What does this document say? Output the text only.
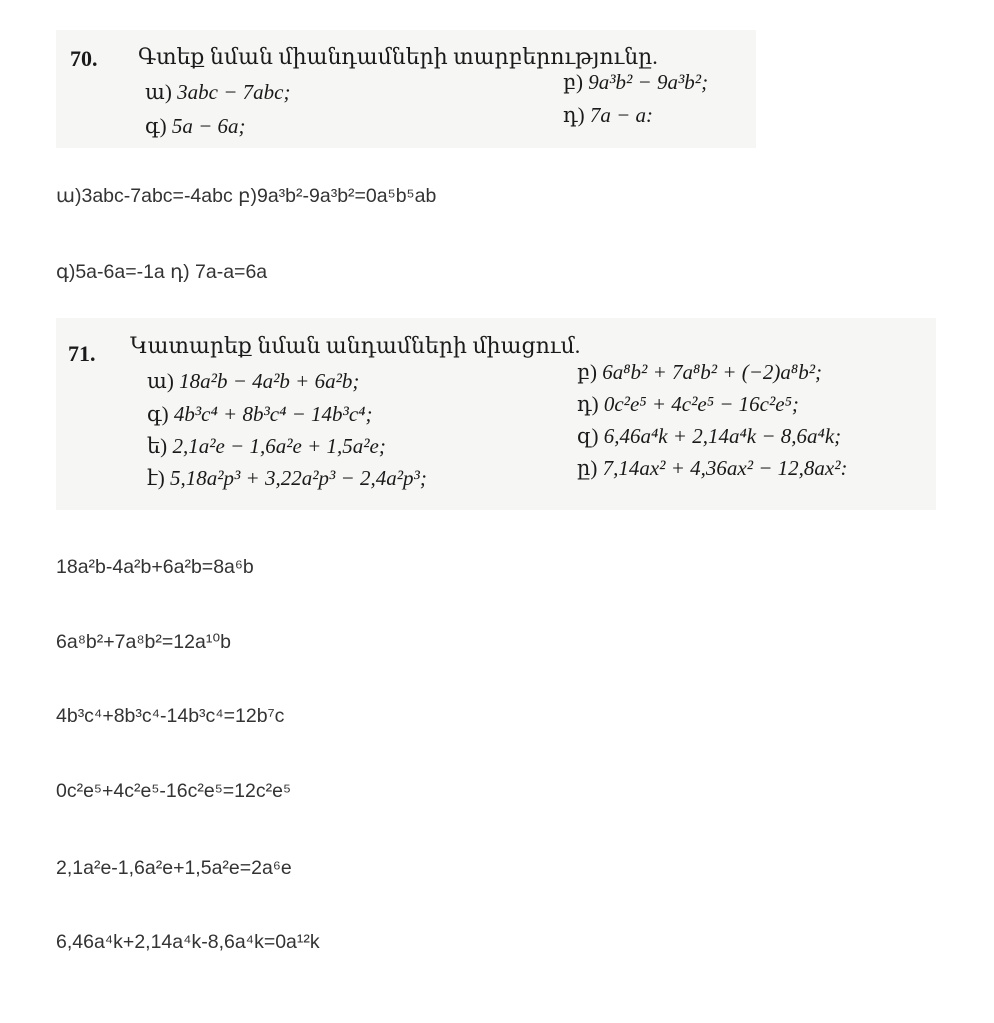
70. Գտեք նման միանդամների տարբերությունը.
ա) 3abc − 7abc;	բ) 9a³b² − 9a³b²;
գ) 5a − 6a;	դ) 7a − a:
ա)3abc-7abc=-4abc բ)9a³b²-9a³b²=0a⁵b⁵ab
գ)5a-6a=-1a դ) 7a-a=6a
71. Կատարեք նման անդամների միացում.
ա) 18a²b − 4a²b + 6a²b;	բ) 6a⁸b² + 7a⁸b² + (−2)a⁸b²;
գ) 4b³c⁴ + 8b³c⁴ − 14b³c⁴;	դ) 0c²e⁵ + 4c²e⁵ − 16c²e⁵;
ե) 2,1a²e − 1,6a²e + 1,5a²e;	զ) 6,46a⁴k + 2,14a⁴k − 8,6a⁴k;
է) 5,18a²p³ + 3,22a²p³ − 2,4a²p³;	ը) 7,14ax² + 4,36ax² − 12,8ax²:
18a²b-4a²b+6a²b=8a⁶b
6a⁸b²+7a⁸b²=12a¹⁰b
4b³c⁴+8b³c⁴-14b³c⁴=12b⁷c
0c²e⁵+4c²e⁵-16c²e⁵=12c²e⁵
2,1a²e-1,6a²e+1,5a²e=2a⁶e
6,46a⁴k+2,14a⁴k-8,6a⁴k=0a¹²k
